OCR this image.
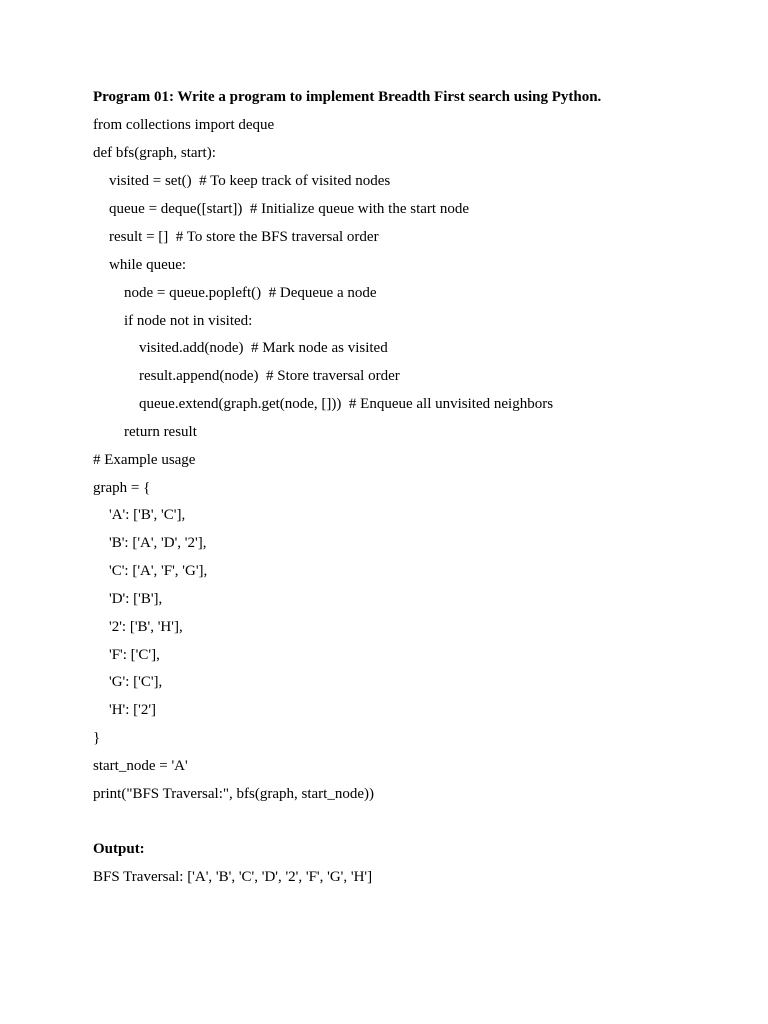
Program 01: Write a program to implement Breadth First search using Python.
from collections import deque
def bfs(graph, start):
visited = set()  # To keep track of visited nodes
queue = deque([start])  # Initialize queue with the start node
result = []  # To store the BFS traversal order
while queue:
node = queue.popleft()  # Dequeue a node
if node not in visited:
visited.add(node)  # Mark node as visited
result.append(node)  # Store traversal order
queue.extend(graph.get(node, []))  # Enqueue all unvisited neighbors
return result
# Example usage
graph = {
'A': ['B', 'C'],
'B': ['A', 'D', '2'],
'C': ['A', 'F', 'G'],
'D': ['B'],
'2': ['B', 'H'],
'F': ['C'],
'G': ['C'],
'H': ['2']
}
start_node = 'A'
print("BFS Traversal:", bfs(graph, start_node))
Output:
BFS Traversal: ['A', 'B', 'C', 'D', '2', 'F', 'G', 'H']
